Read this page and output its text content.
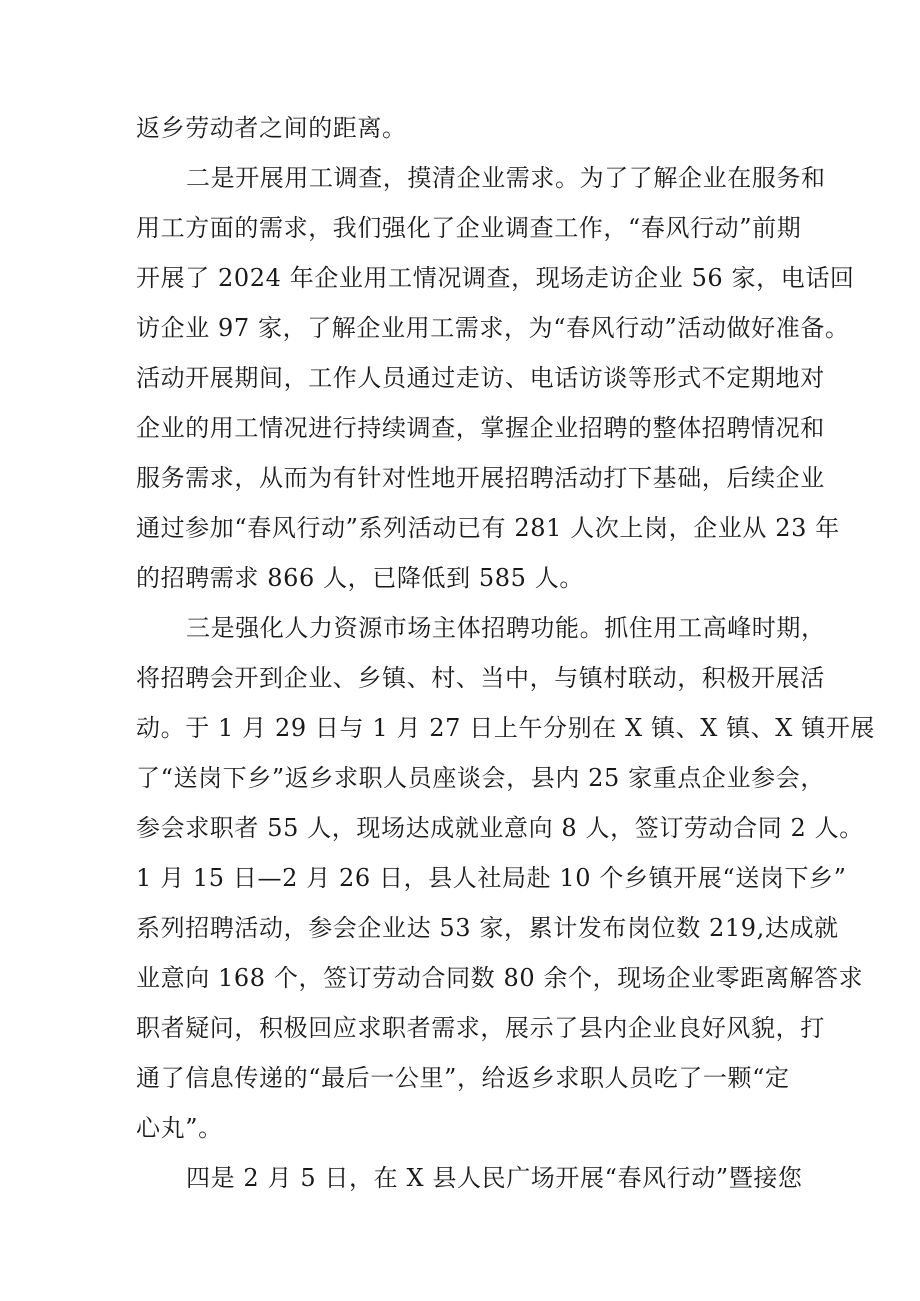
返乡劳动者之间的距离。
二是开展用工调查，摸清企业需求。为了了解企业在服务和
用工方面的需求，我们强化了企业调查工作，“春风行动”前期
开展了 2024 年企业用工情况调查，现场走访企业 56 家，电话回
访企业 97 家，了解企业用工需求，为“春风行动”活动做好准备。
活动开展期间，工作人员通过走访、电话访谈等形式不定期地对
企业的用工情况进行持续调查，掌握企业招聘的整体招聘情况和
服务需求，从而为有针对性地开展招聘活动打下基础，后续企业
通过参加“春风行动”系列活动已有 281 人次上岗，企业从 23 年
的招聘需求 866 人，已降低到 585 人。
三是强化人力资源市场主体招聘功能。抓住用工高峰时期，
将招聘会开到企业、乡镇、村、当中，与镇村联动，积极开展活
动。于 1 月 29 日与 1 月 27 日上午分别在 X 镇、X 镇、X 镇开展
了“送岗下乡”返乡求职人员座谈会，县内 25 家重点企业参会，
参会求职者 55 人，现场达成就业意向 8 人，签订劳动合同 2 人。
1 月 15 日—2 月 26 日，县人社局赴 10 个乡镇开展“送岗下乡”
系列招聘活动，参会企业达 53 家，累计发布岗位数 219,达成就
业意向 168 个，签订劳动合同数 80 余个，现场企业零距离解答求
职者疑问，积极回应求职者需求，展示了县内企业良好风貌，打
通了信息传递的“最后一公里”，给返乡求职人员吃了一颗“定
心丸”。
四是 2 月 5 日，在 X 县人民广场开展“春风行动”暨接您
